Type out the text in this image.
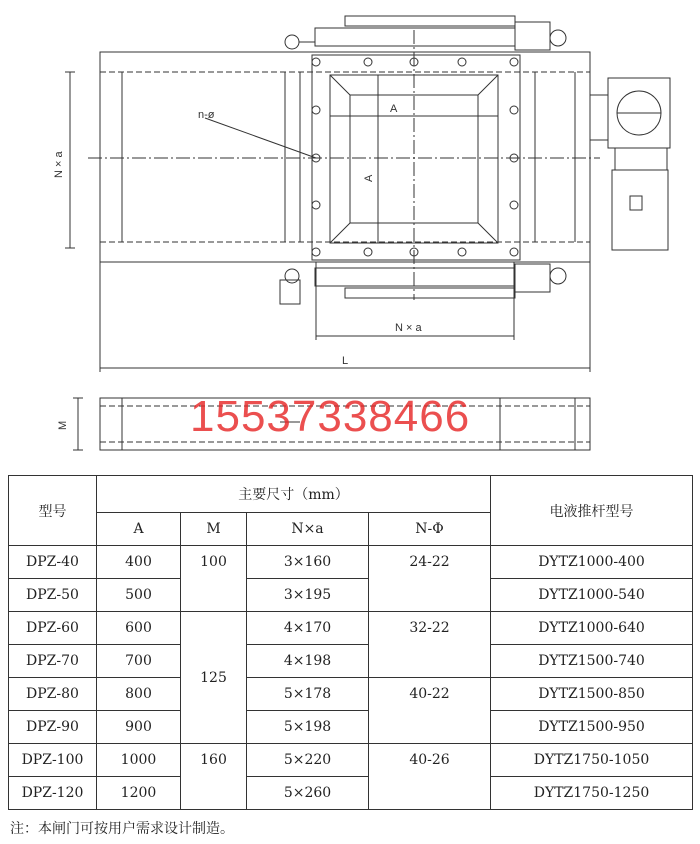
n-ø	A
A
N × a
N × a
L
M	15537338466
型号	主要尺寸（mm）				电液推杆型号
	A	M	N×a	N-Φ	
DPZ-40	400	100	3×160	24-22	DYTZ1000-400
DPZ-50	500		3×195		DYTZ1000-540
DPZ-60	600	125	4×170	32-22	DYTZ1000-640
DPZ-70	700		4×198		DYTZ1500-740
DPZ-80	800		5×178	40-22	DYTZ1500-850
DPZ-90	900		5×198		DYTZ1500-950
DPZ-100	1000	160	5×220	40-26	DYTZ1750-1050
DPZ-120	1200		5×260		DYTZ1750-1250
注：本闸门可按用户需求设计制造。
